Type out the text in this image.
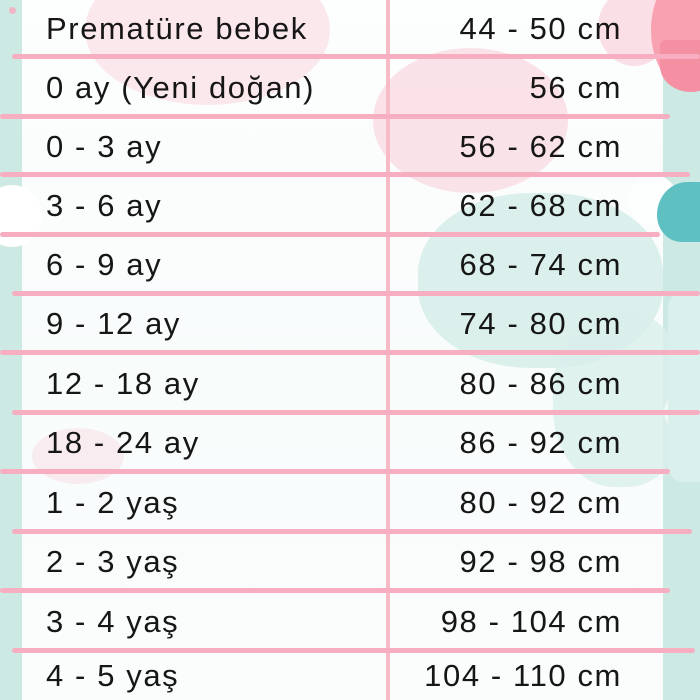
Prematüre bebek	44 - 50 cm
0 ay (Yeni doğan)	56 cm
0 - 3 ay	56 - 62 cm
3 - 6 ay	62 - 68 cm
6 - 9 ay	68 - 74 cm
9 - 12 ay	74 - 80 cm
12 - 18 ay	80 - 86 cm
18 - 24 ay	86 - 92 cm
1 - 2 yaş	80 - 92 cm
2 - 3 yaş	92 - 98 cm
3 - 4 yaş	98 - 104 cm
4 - 5 yaş	104 - 110 cm
